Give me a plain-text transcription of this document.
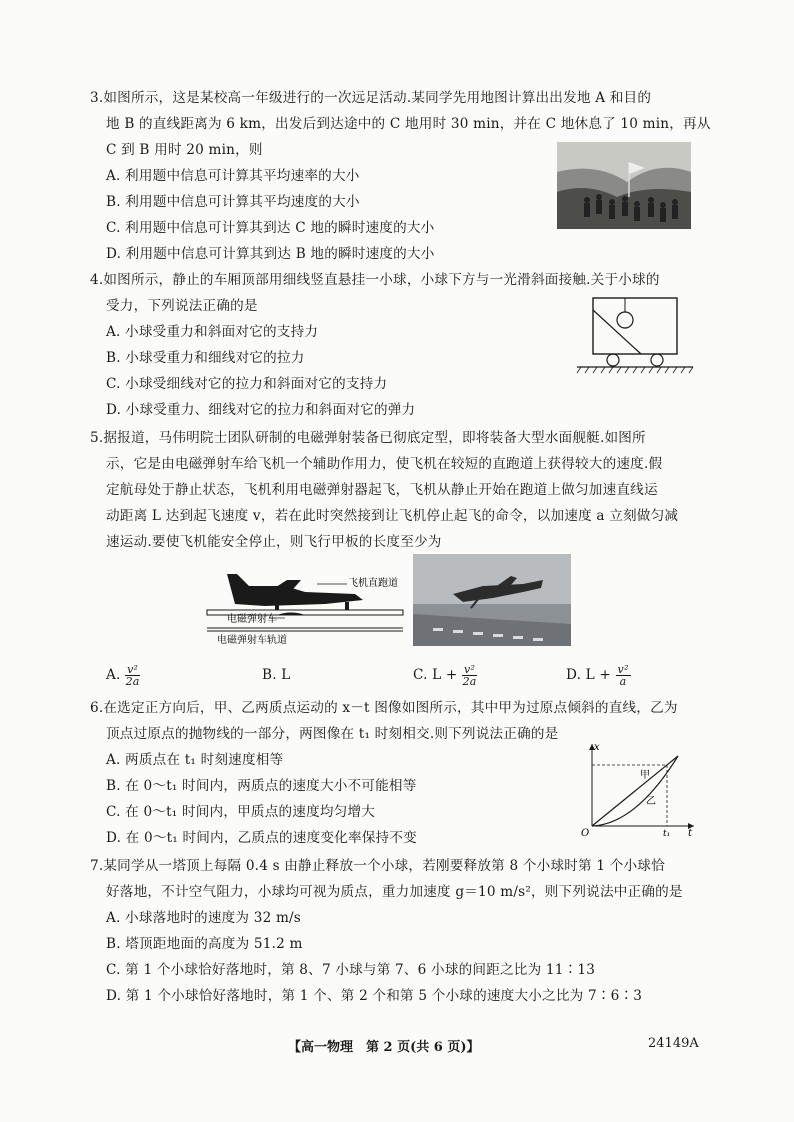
3.如图所示，这是某校高一年级进行的一次远足活动.某同学先用地图计算出出发地 A 和目的
地 B 的直线距离为 6 km，出发后到达途中的 C 地用时 30 min，并在 C 地休息了 10 min，再从
C 到 B 用时 20 min，则
A. 利用题中信息可计算其平均速率的大小
B. 利用题中信息可计算其平均速度的大小
C. 利用题中信息可计算其到达 C 地的瞬时速度的大小
D. 利用题中信息可计算其到达 B 地的瞬时速度的大小
4.如图所示，静止的车厢顶部用细线竖直悬挂一小球，小球下方与一光滑斜面接触.关于小球的
受力，下列说法正确的是
A. 小球受重力和斜面对它的支持力
B. 小球受重力和细线对它的拉力
C. 小球受细线对它的拉力和斜面对它的支持力
D. 小球受重力、细线对它的拉力和斜面对它的弹力
5.据报道，马伟明院士团队研制的电磁弹射装备已彻底定型，即将装备大型水面舰艇.如图所
示，它是由电磁弹射车给飞机一个辅助作用力，使飞机在较短的直跑道上获得较大的速度.假
定航母处于静止状态，飞机利用电磁弹射器起飞，飞机从静止开始在跑道上做匀加速直线运
动距离 L 达到起飞速度 v，若在此时突然接到让飞机停止起飞的命令，以加速度 a 立刻做匀减
速运动.要使飞机能安全停止，则飞行甲板的长度至少为
飞机直跑道
电磁弹射车
电磁弹射车轨道
A. $\frac{\text{v²}}{2a}$	B. L	C. $L + \frac{\text{v²}}{2a}$	D. $L + \frac{\text{v²}}{a}$
6.在选定正方向后，甲、乙两质点运动的 x－t 图像如图所示，其中甲为过原点倾斜的直线，乙为
顶点过原点的抛物线的一部分，两图像在 t₁ 时刻相交.则下列说法正确的是
A. 两质点在 t₁ 时刻速度相等
B. 在 0～t₁ 时间内，两质点的速度大小不可能相等
C. 在 0～t₁ 时间内，甲质点的速度均匀增大
D. 在 0～t₁ 时间内，乙质点的速度变化率保持不变
x
t
O	t₁
甲
乙
7.某同学从一塔顶上每隔 0.4 s 由静止释放一个小球，若刚要释放第 8 个小球时第 1 个小球恰
好落地，不计空气阻力，小球均可视为质点，重力加速度 g＝10 m/s²，则下列说法中正确的是
A. 小球落地时的速度为 32 m/s
B. 塔顶距地面的高度为 51.2 m
C. 第 1 个小球恰好落地时，第 8、7 小球与第 7、6 小球的间距之比为 11∶13
D. 第 1 个小球恰好落地时，第 1 个、第 2 个和第 5 个小球的速度大小之比为 7∶6∶3
【高一物理　第 2 页(共 6 页)】	24149A
